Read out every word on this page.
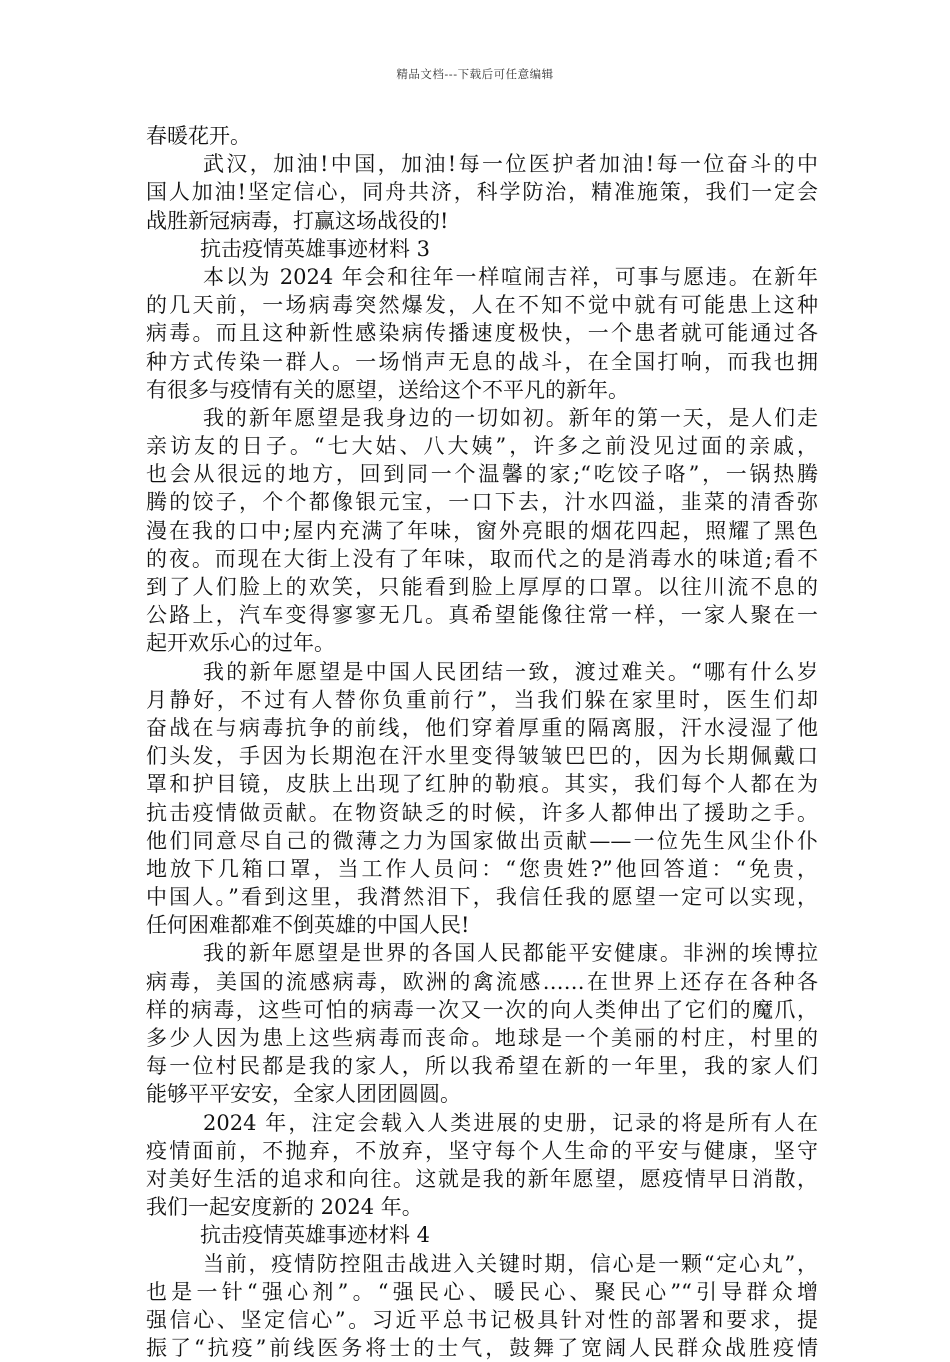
精品文档---下载后可任意编辑
春暖花开。
武汉，加油!中国，加油!每一位医护者加油!每一位奋斗的中
国人加油!坚定信心，同舟共济，科学防治，精准施策，我们一定会
战胜新冠病毒，打赢这场战役的!
抗击疫情英雄事迹材料 3
本以为 2024 年会和往年一样喧闹吉祥，可事与愿违。在新年
的几天前，一场病毒突然爆发，人在不知不觉中就有可能患上这种
病毒。而且这种新性感染病传播速度极快，一个患者就可能通过各
种方式传染一群人。一场悄声无息的战斗，在全国打响，而我也拥
有很多与疫情有关的愿望，送给这个不平凡的新年。
我的新年愿望是我身边的一切如初。新年的第一天，是人们走
亲访友的日子。“七大姑、八大姨”，许多之前没见过面的亲戚，
也会从很远的地方，回到同一个温馨的家;“吃饺子咯”，一锅热腾
腾的饺子，个个都像银元宝，一口下去，汁水四溢，韭菜的清香弥
漫在我的口中;屋内充满了年味，窗外亮眼的烟花四起，照耀了黑色
的夜。而现在大街上没有了年味，取而代之的是消毒水的味道;看不
到了人们脸上的欢笑，只能看到脸上厚厚的口罩。以往川流不息的
公路上，汽车变得寥寥无几。真希望能像往常一样，一家人聚在一
起开欢乐心的过年。
我的新年愿望是中国人民团结一致，渡过难关。“哪有什么岁
月静好，不过有人替你负重前行”，当我们躲在家里时，医生们却
奋战在与病毒抗争的前线，他们穿着厚重的隔离服，汗水浸湿了他
们头发，手因为长期泡在汗水里变得皱皱巴巴的，因为长期佩戴口
罩和护目镜，皮肤上出现了红肿的勒痕。其实，我们每个人都在为
抗击疫情做贡献。在物资缺乏的时候，许多人都伸出了援助之手。
他们同意尽自己的微薄之力为国家做出贡献——一位先生风尘仆仆
地放下几箱口罩，当工作人员问：“您贵姓?”他回答道：“免贵，
中国人。”看到这里，我潸然泪下，我信任我的愿望一定可以实现，
任何困难都难不倒英雄的中国人民!
我的新年愿望是世界的各国人民都能平安健康。非洲的埃博拉
病毒，美国的流感病毒，欧洲的禽流感……在世界上还存在各种各
样的病毒，这些可怕的病毒一次又一次的向人类伸出了它们的魔爪，
多少人因为患上这些病毒而丧命。地球是一个美丽的村庄，村里的
每一位村民都是我的家人，所以我希望在新的一年里，我的家人们
能够平平安安，全家人团团圆圆。
2024 年，注定会载入人类进展的史册，记录的将是所有人在
疫情面前，不抛弃，不放弃，坚守每个人生命的平安与健康，坚守
对美好生活的追求和向往。这就是我的新年愿望，愿疫情早日消散，
我们一起安度新的 2024 年。
抗击疫情英雄事迹材料 4
当前，疫情防控阻击战进入关键时期，信心是一颗“定心丸”，
也是一针“强心剂”。“强民心、暖民心、聚民心”“引导群众增
强信心、坚定信心”。习近平总书记极具针对性的部署和要求，提
振了“抗疫”前线医务将士的士气，鼓舞了宽阔人民群众战胜疫情
